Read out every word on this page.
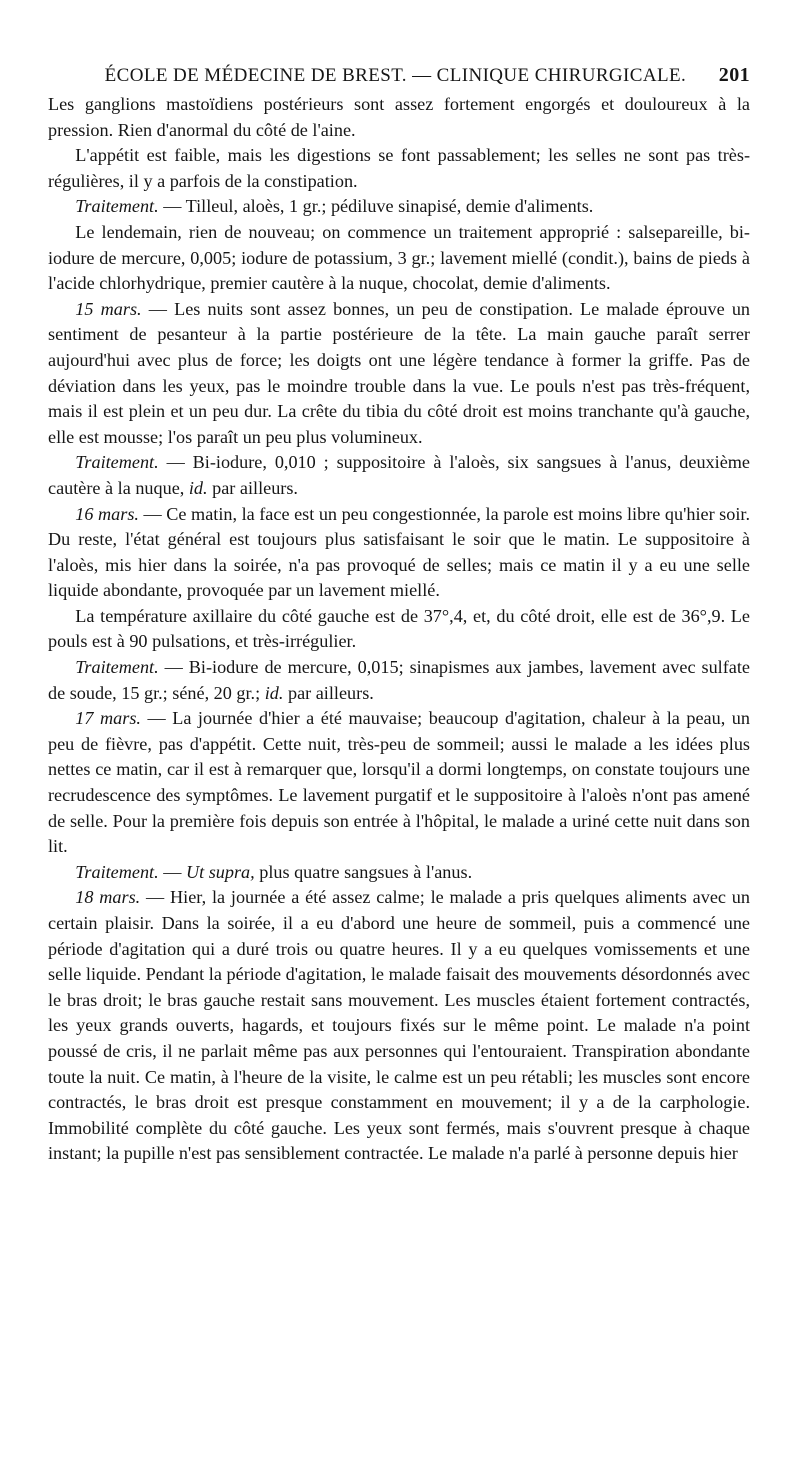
ÉCOLE DE MÉDECINE DE BREST. — CLINIQUE CHIRURGICALE.	201

Les ganglions mastoïdiens postérieurs sont assez fortement engorgés et douloureux à la pression. Rien d'anormal du côté de l'aine.

L'appétit est faible, mais les digestions se font passablement; les selles ne sont pas très-régulières, il y a parfois de la constipation.

Traitement. — Tilleul, aloès, 1 gr.; pédiluve sinapisé, demie d'aliments.

Le lendemain, rien de nouveau; on commence un traitement approprié : salsepareille, bi-iodure de mercure, 0,005; iodure de potassium, 3 gr.; lavement miellé (condit.), bains de pieds à l'acide chlorhydrique, premier cautère à la nuque, chocolat, demie d'aliments.

15 mars. — Les nuits sont assez bonnes, un peu de constipation. Le malade éprouve un sentiment de pesanteur à la partie postérieure de la tête. La main gauche paraît serrer aujourd'hui avec plus de force; les doigts ont une légère tendance à former la griffe. Pas de déviation dans les yeux, pas le moindre trouble dans la vue. Le pouls n'est pas très-fréquent, mais il est plein et un peu dur. La crête du tibia du côté droit est moins tranchante qu'à gauche, elle est mousse; l'os paraît un peu plus volumineux.

Traitement. — Bi-iodure, 0,010 ; suppositoire à l'aloès, six sangsues à l'anus, deuxième cautère à la nuque, id. par ailleurs.

16 mars. — Ce matin, la face est un peu congestionnée, la parole est moins libre qu'hier soir. Du reste, l'état général est toujours plus satisfaisant le soir que le matin. Le suppositoire à l'aloès, mis hier dans la soirée, n'a pas provoqué de selles; mais ce matin il y a eu une selle liquide abondante, provoquée par un lavement miellé.

La température axillaire du côté gauche est de 37°,4, et, du côté droit, elle est de 36°,9. Le pouls est à 90 pulsations, et très-irrégulier.

Traitement. — Bi-iodure de mercure, 0,015; sinapismes aux jambes, lavement avec sulfate de soude, 15 gr.; séné, 20 gr.; id. par ailleurs.

17 mars. — La journée d'hier a été mauvaise; beaucoup d'agitation, chaleur à la peau, un peu de fièvre, pas d'appétit. Cette nuit, très-peu de sommeil; aussi le malade a les idées plus nettes ce matin, car il est à remarquer que, lorsqu'il a dormi longtemps, on constate toujours une recrudescence des symptômes. Le lavement purgatif et le suppositoire à l'aloès n'ont pas amené de selle. Pour la première fois depuis son entrée à l'hôpital, le malade a uriné cette nuit dans son lit.

Traitement. — Ut supra, plus quatre sangsues à l'anus.

18 mars. — Hier, la journée a été assez calme; le malade a pris quelques aliments avec un certain plaisir. Dans la soirée, il a eu d'abord une heure de sommeil, puis a commencé une période d'agitation qui a duré trois ou quatre heures. Il y a eu quelques vomissements et une selle liquide. Pendant la période d'agitation, le malade faisait des mouvements désordonnés avec le bras droit; le bras gauche restait sans mouvement. Les muscles étaient fortement contractés, les yeux grands ouverts, hagards, et toujours fixés sur le même point. Le malade n'a point poussé de cris, il ne parlait même pas aux personnes qui l'entouraient. Transpiration abondante toute la nuit. Ce matin, à l'heure de la visite, le calme est un peu rétabli; les muscles sont encore contractés, le bras droit est presque constamment en mouvement; il y a de la carphologie. Immobilité complète du côté gauche. Les yeux sont fermés, mais s'ouvrent presque à chaque instant; la pupille n'est pas sensiblement contractée. Le malade n'a parlé à personne depuis hier
